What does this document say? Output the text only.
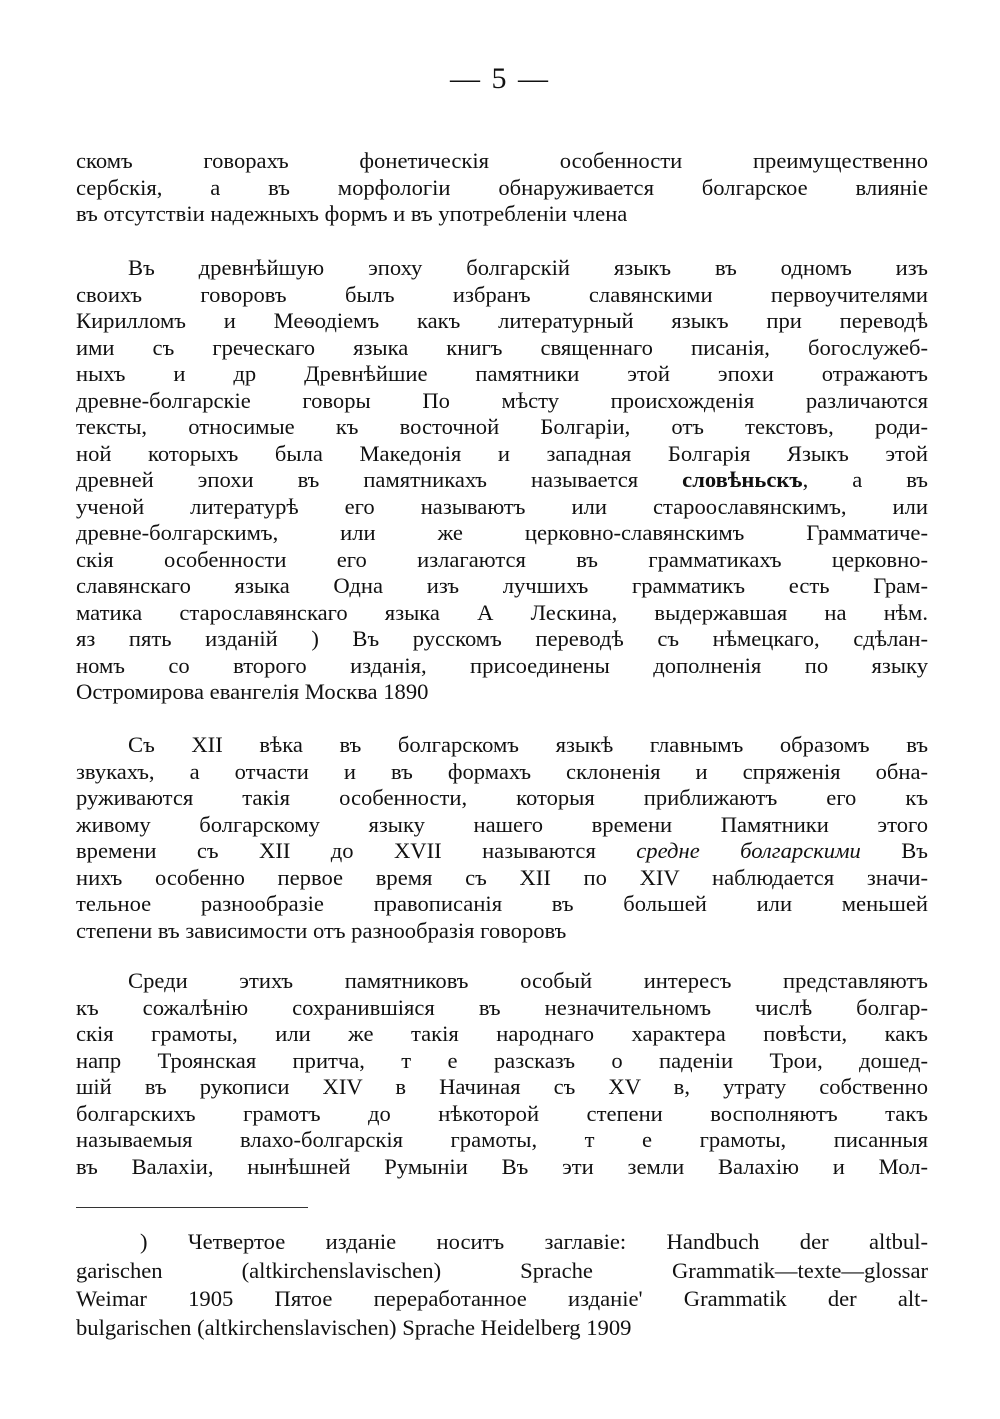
— 5 —
скомъ говорахъ фонетическія особенности преимущественно
сербскія, а въ морфологіи обнаруживается болгарское влияніе
въ отсутствіи надежныхъ формъ и въ употребленіи члена
Въ древнѣйшую эпоху болгарскій языкъ въ одномъ изъ
своихъ говоровъ былъ избранъ славянскими первоучителями
Кирилломъ и Меѳодіемъ какъ литературный языкъ при переводѣ
ими съ греческаго языка книгъ священнаго писанія, богослужеб-
ныхъ и др Древнѣйшие памятники этой эпохи отражаютъ
древне-болгарскіе говоры По мѣсту происхожденія различаются
тексты, относимые къ восточной Болгаріи, отъ текстовъ, роди-
ной которыхъ была Македонія и западная Болгарія Языкъ этой
древней эпохи въ памятникахъ называется словѣньскъ, а въ
ученой литературѣ его называютъ или староославянскимъ, или
древне-болгарскимъ, или же церковно-славянскимъ Грамматиче-
скія особенности его излагаются въ грамматикахъ церковно-
славянскаго языка Одна изъ лучшихъ грамматикъ есть Грам-
матика старославянскаго языка А Лескина, выдержавшая на нѣм.
яз пять изданій ) Въ русскомъ переводѣ съ нѣмецкаго, сдѣлан-
номъ со второго изданія, присоединены дополненія по языку
Остромирова евангелія Москва 1890
Съ XII вѣка въ болгарскомъ языкѣ главнымъ образомъ въ
звукахъ, а отчасти и въ формахъ склоненія и спряженія обна-
руживаются такія особенности, которыя приближаютъ его къ
живому болгарскому языку нашего времени Памятники этого
времени съ XII до XVII называются средне болгарскими Въ
нихъ особенно первое время съ XII по XIV наблюдается значи-
тельное разнообразіе правописанія въ большей или меньшей
степени въ зависимости отъ разнообразія говоровъ
Среди этихъ памятниковъ особый интересъ представляютъ
къ сожалѣнію сохранившіяся въ незначительномъ числѣ болгар-
скія грамоты, или же такія народнаго характера повѣсти, какъ
напр Троянская притча, т е разсказъ о паденіи Трои, дошед-
шій въ рукописи XIV в Начиная съ XV в, утрату собственно
болгарскихъ грамотъ до нѣкоторой степени восполняютъ такъ
называемыя влахо-болгарскія грамоты, т е грамоты, писанныя
въ Валахіи, нынѣшней Румыніи Въ эти земли Валахію и Мол-
) Четвертое изданіе носитъ заглавіе: Handbuch der altbul-
garischen (altkirchenslavischen) Sprache Grammatik—texte—glossar
Weimar 1905 Пятое переработанное изданіе' Grammatik der alt-
bulgarischen (altkirchenslavischen) Sprache Heidelberg 1909
